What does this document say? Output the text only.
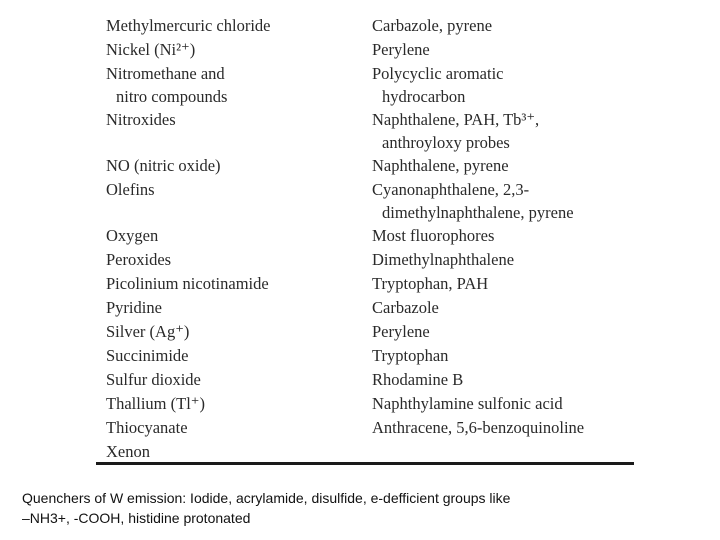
Methylmercuric chloride	Carbazole, pyrene
Nickel (Ni²⁺)	Perylene
Nitromethane and	Polycyclic aromatic
nitro compounds	hydrocarbon
Nitroxides	Naphthalene, PAH, Tb³⁺,
anthroyloxy probes
NO (nitric oxide)	Naphthalene, pyrene
Olefins	Cyanonaphthalene, 2,3-
dimethylnaphthalene, pyrene
Oxygen	Most fluorophores
Peroxides	Dimethylnaphthalene
Picolinium nicotinamide	Tryptophan, PAH
Pyridine	Carbazole
Silver (Ag⁺)	Perylene
Succinimide	Tryptophan
Sulfur dioxide	Rhodamine B
Thallium (Tl⁺)	Naphthylamine sulfonic acid
Thiocyanate	Anthracene, 5,6-benzoquinoline
Xenon
Quenchers of W emission: Iodide, acrylamide, disulfide, e-defficient groups like
–NH3+, -COOH, histidine protonated
